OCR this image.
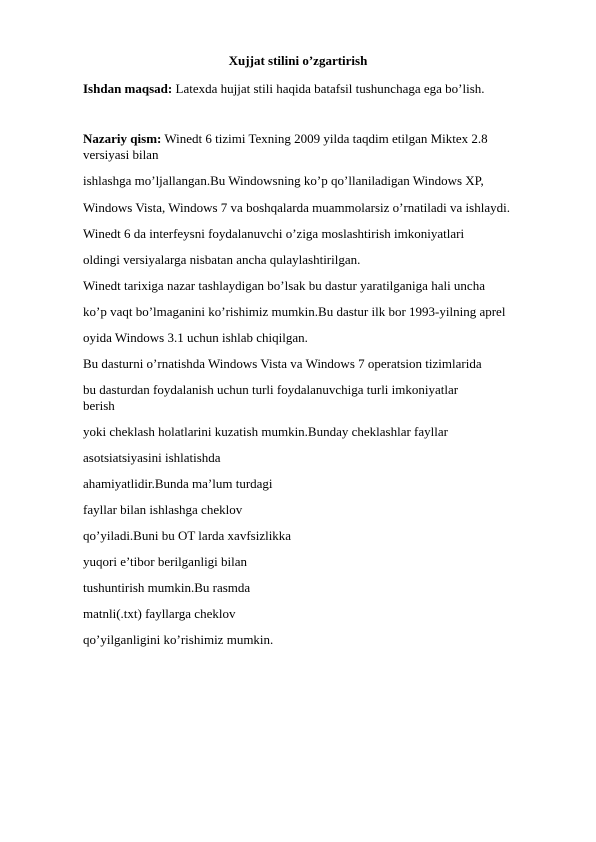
Xujjat stilini o’zgartirish
Ishdan maqsad: Latexda hujjat stili haqida batafsil tushunchaga ega bo’lish.
Nazariy qism: Winedt 6 tizimi Texning 2009 yilda taqdim etilgan Miktex 2.8
versiyasi bilan
ishlashga mo’ljallangan.Bu Windowsning ko’p qo’llaniladigan Windows XP,
Windows Vista, Windows 7 va boshqalarda muammolarsiz o’rnatiladi va ishlaydi.
Winedt 6 da interfeysni foydalanuvchi o’ziga moslashtirish imkoniyatlari
oldingi versiyalarga nisbatan ancha qulaylashtirilgan.
Winedt tarixiga nazar tashlaydigan bo’lsak bu dastur yaratilganiga hali uncha
ko’p vaqt bo’lmaganini ko’rishimiz mumkin.Bu dastur ilk bor 1993-yilning aprel
oyida Windows 3.1 uchun ishlab chiqilgan.
Bu dasturni o’rnatishda Windows Vista va Windows 7 operatsion tizimlarida
bu dasturdan foydalanish uchun turli foydalanuvchiga turli imkoniyatlar
berish
yoki cheklash holatlarini kuzatish mumkin.Bunday cheklashlar fayllar
asotsiatsiyasini ishlatishda
ahamiyatlidir.Bunda ma’lum turdagi
fayllar bilan ishlashga cheklov
qo’yiladi.Buni bu OT larda xavfsizlikka
yuqori e’tibor berilganligi bilan
tushuntirish mumkin.Bu rasmda
matnli(.txt) fayllarga cheklov
qo’yilganligini ko’rishimiz mumkin.
